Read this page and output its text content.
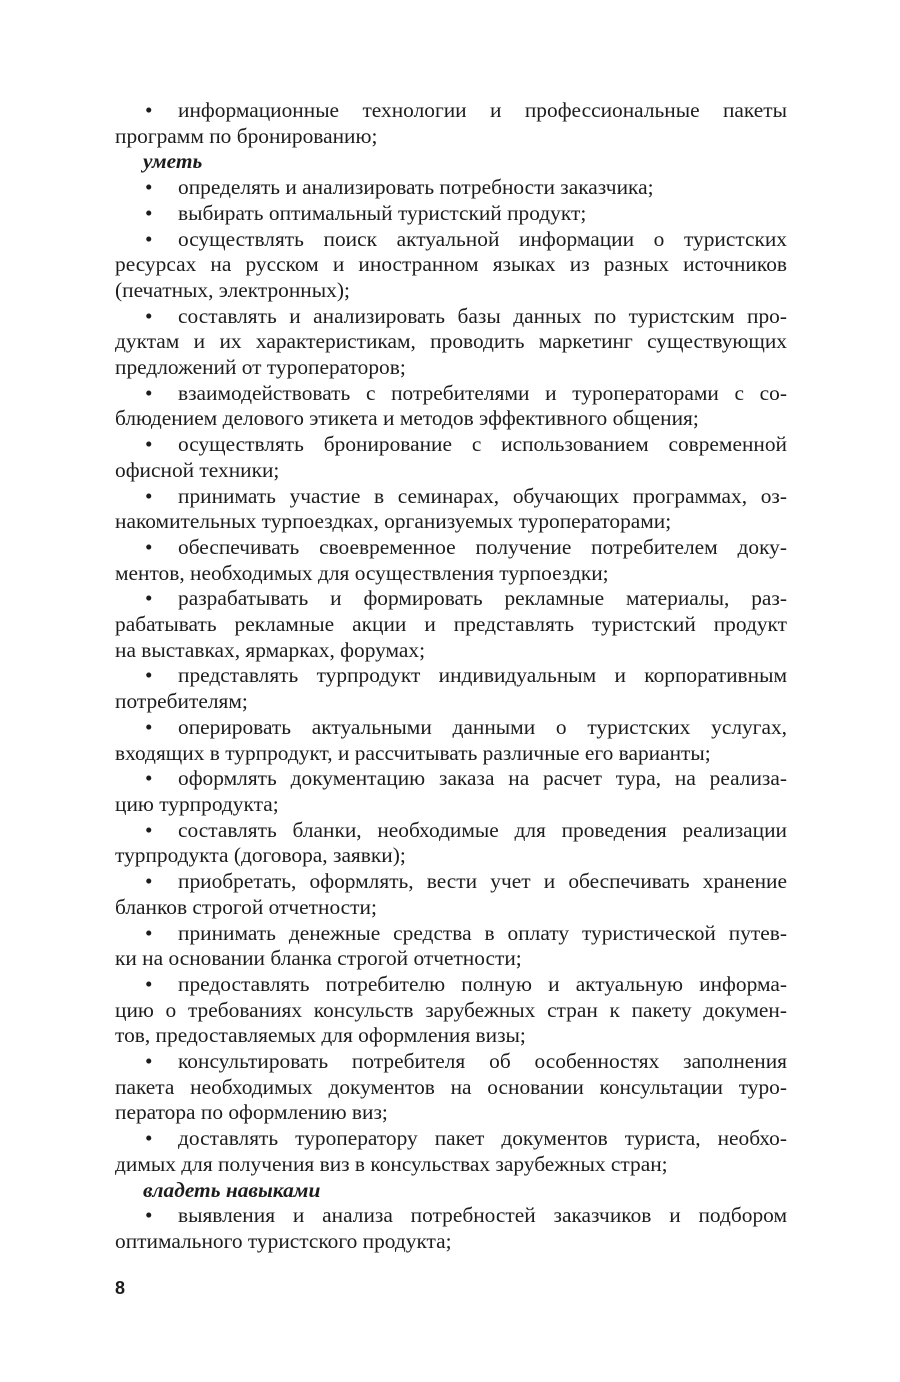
•	информационные технологии и профессиональные пакеты
программ по бронированию;
уметь
•	определять и анализировать потребности заказчика;
•	выбирать оптимальный туристский продукт;
•	осуществлять поиск актуальной информации о туристских
ресурсах на русском и иностранном языках из разных источников
(печатных, электронных);
•	составлять и анализировать базы данных по туристским про-
дуктам и их характеристикам, проводить маркетинг существующих
предложений от туроператоров;
•	взаимодействовать с потребителями и туроператорами с со-
блюдением делового этикета и методов эффективного общения;
•	осуществлять бронирование с использованием современной
офисной техники;
•	принимать участие в семинарах, обучающих программах, оз-
накомительных турпоездках, организуемых туроператорами;
•	обеспечивать своевременное получение потребителем доку-
ментов, необходимых для осуществления турпоездки;
•	разрабатывать и формировать рекламные материалы, раз-
рабатывать рекламные акции и представлять туристский продукт
на выставках, ярмарках, форумах;
•	представлять турпродукт индивидуальным и корпоративным
потребителям;
•	оперировать актуальными данными о туристских услугах,
входящих в турпродукт, и рассчитывать различные его варианты;
•	оформлять документацию заказа на расчет тура, на реализа-
цию турпродукта;
•	составлять бланки, необходимые для проведения реализации
турпродукта (договора, заявки);
•	приобретать, оформлять, вести учет и обеспечивать хранение
бланков строгой отчетности;
•	принимать денежные средства в оплату туристической путев-
ки на основании бланка строгой отчетности;
•	предоставлять потребителю полную и актуальную информа-
цию о требованиях консульств зарубежных стран к пакету докумен-
тов, предоставляемых для оформления визы;
•	консультировать потребителя об особенностях заполнения
пакета необходимых документов на основании консультации туро-
ператора по оформлению виз;
•	доставлять туроператору пакет документов туриста, необхо-
димых для получения виз в консульствах зарубежных стран;
владеть навыками
•	выявления и анализа потребностей заказчиков и подбором
оптимального туристского продукта;
8
